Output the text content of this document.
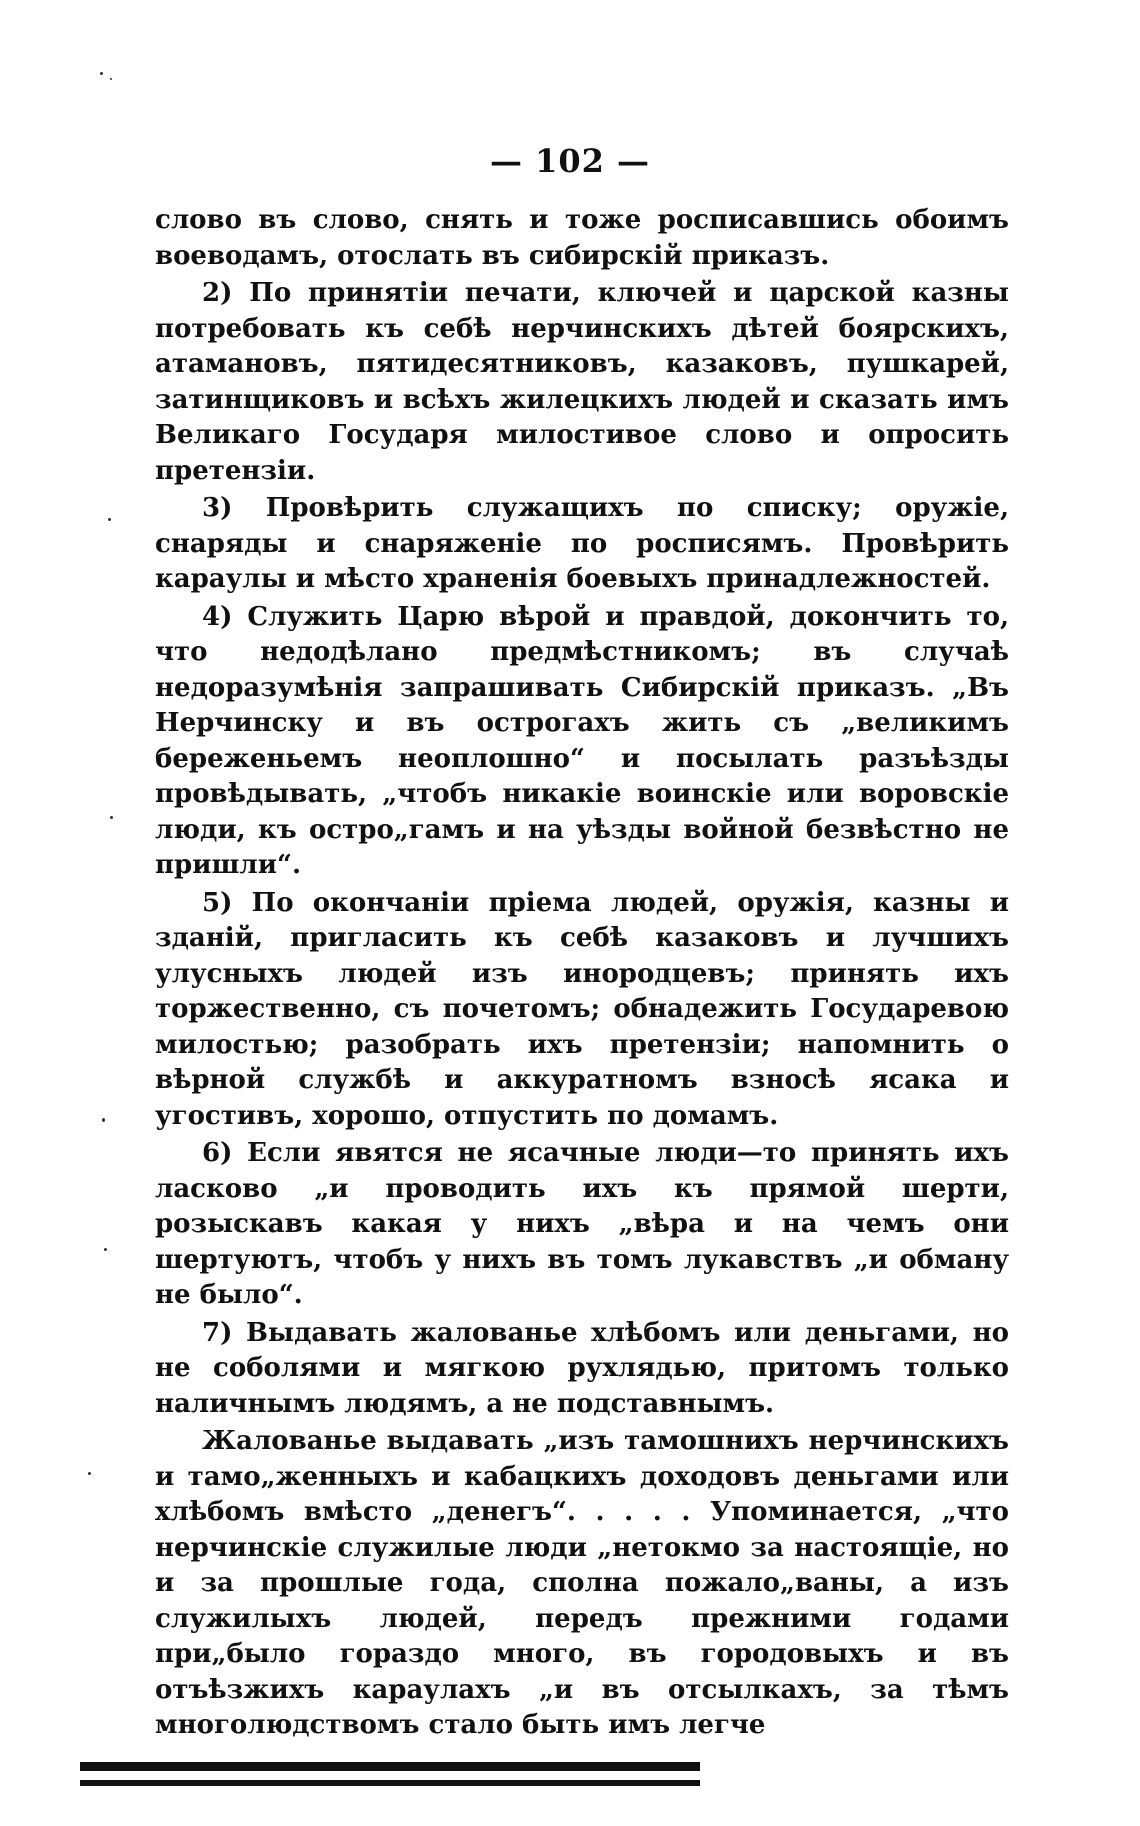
— 102 —

слово въ слово, снять и тоже росписавшись обоимъ воеводамъ, отослать въ сибирскiй приказъ.

2) По принятiи печати, ключей и царской казны потребовать къ себѣ нерчинскихъ дѣтей боярскихъ, атамановъ, пятидесятниковъ, казаковъ, пушкарей, затинщиковъ и всѣхъ жилецкихъ людей и сказать имъ Великаго Государя милостивое слово и опросить претензiи.

3) Провѣрить служащихъ по списку; оружiе, снаряды и снаряженiе по росписямъ. Провѣрить караулы и мѣсто храненiя боевыхъ принадлежностей.

4) Служить Царю вѣрой и правдой, докончить то, что недодѣлано предмѣстникомъ; въ случаѣ недоразумѣнiя запрашивать Сибирскiй приказъ. „Въ Нерчинску и въ острогахъ жить съ „великимъ береженьемъ неоплошно“ и посылать разъѣзды провѣдывать, „чтобъ никакiе воинскiе или воровскiе люди, къ остро„гамъ и на уѣзды войной безвѣстно не пришли“.

5) По окончанiи прiема людей, оружiя, казны и зданiй, пригласить къ себѣ казаковъ и лучшихъ улусныхъ людей изъ инородцевъ; принять ихъ торжественно, съ почетомъ; обнадежить Государевою милостью; разобрать ихъ претензiи; напомнить о вѣрной службѣ и аккуратномъ взносѣ ясака и угостивъ, хорошо, отпустить по домамъ.

6) Если явятся не ясачные люди—то принять ихъ ласково „и проводить ихъ къ прямой шерти, розыскавъ какая у нихъ „вѣра и на чемъ они шертуютъ, чтобъ у нихъ въ томъ лукавствъ „и обману не было“.

7) Выдавать жалованье хлѣбомъ или деньгами, но не соболями и мягкою рухлядью, притомъ только наличнымъ людямъ, а не подставнымъ.

Жалованье выдавать „изъ тамошнихъ нерчинскихъ и тамо„женныхъ и кабацкихъ доходовъ деньгами или хлѣбомъ вмѣсто „денегъ“. . . . . Упоминается, „что нерчинскiе служилые люди „нетокмо за настоящiе, но и за прошлые года, сполна пожало„ваны, а изъ служилыхъ людей, передъ прежними годами при„было гораздо много, въ городовыхъ и въ отъѣзжихъ караулахъ „и въ отсылкахъ, за тѣмъ многолюдствомъ стало быть имъ легче
